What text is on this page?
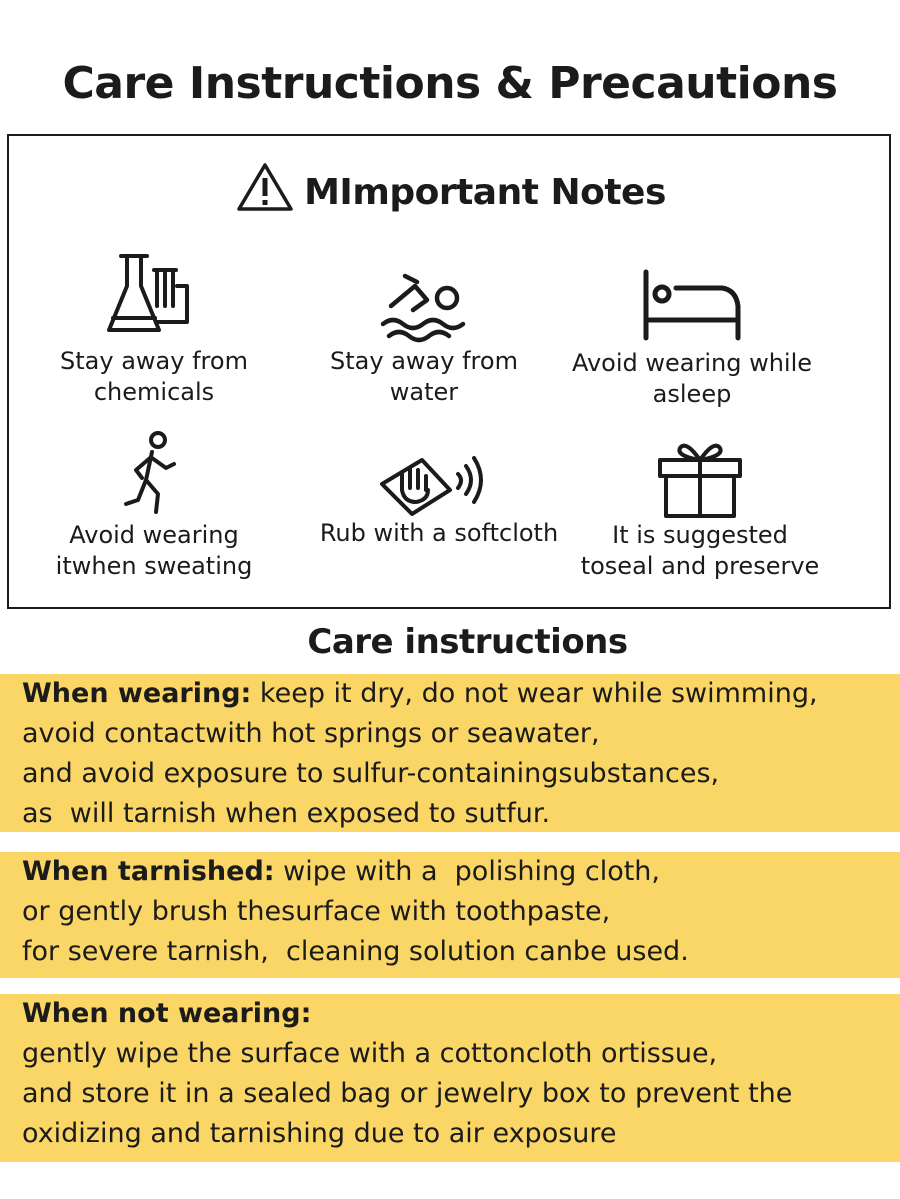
Care Instructions & Precautions
MImportant Notes
Stay away from
chemicals
Stay away from
water
Avoid wearing while
asleep
Avoid wearing
itwhen sweating
Rub with a softcloth	It is suggested
toseal and preserve
Care instructions
When wearing: keep it dry, do not wear while swimming,
avoid contactwith hot springs or seawater,
and avoid exposure to sulfur-containingsubstances,
as  will tarnish when exposed to sutfur.
When tarnished: wipe with a  polishing cloth,
or gently brush thesurface with toothpaste,
for severe tarnish,  cleaning solution canbe used.
When not wearing:
gently wipe the surface with a cottoncloth ortissue,
and store it in a sealed bag or jewelry box to prevent the
oxidizing and tarnishing due to air exposure
